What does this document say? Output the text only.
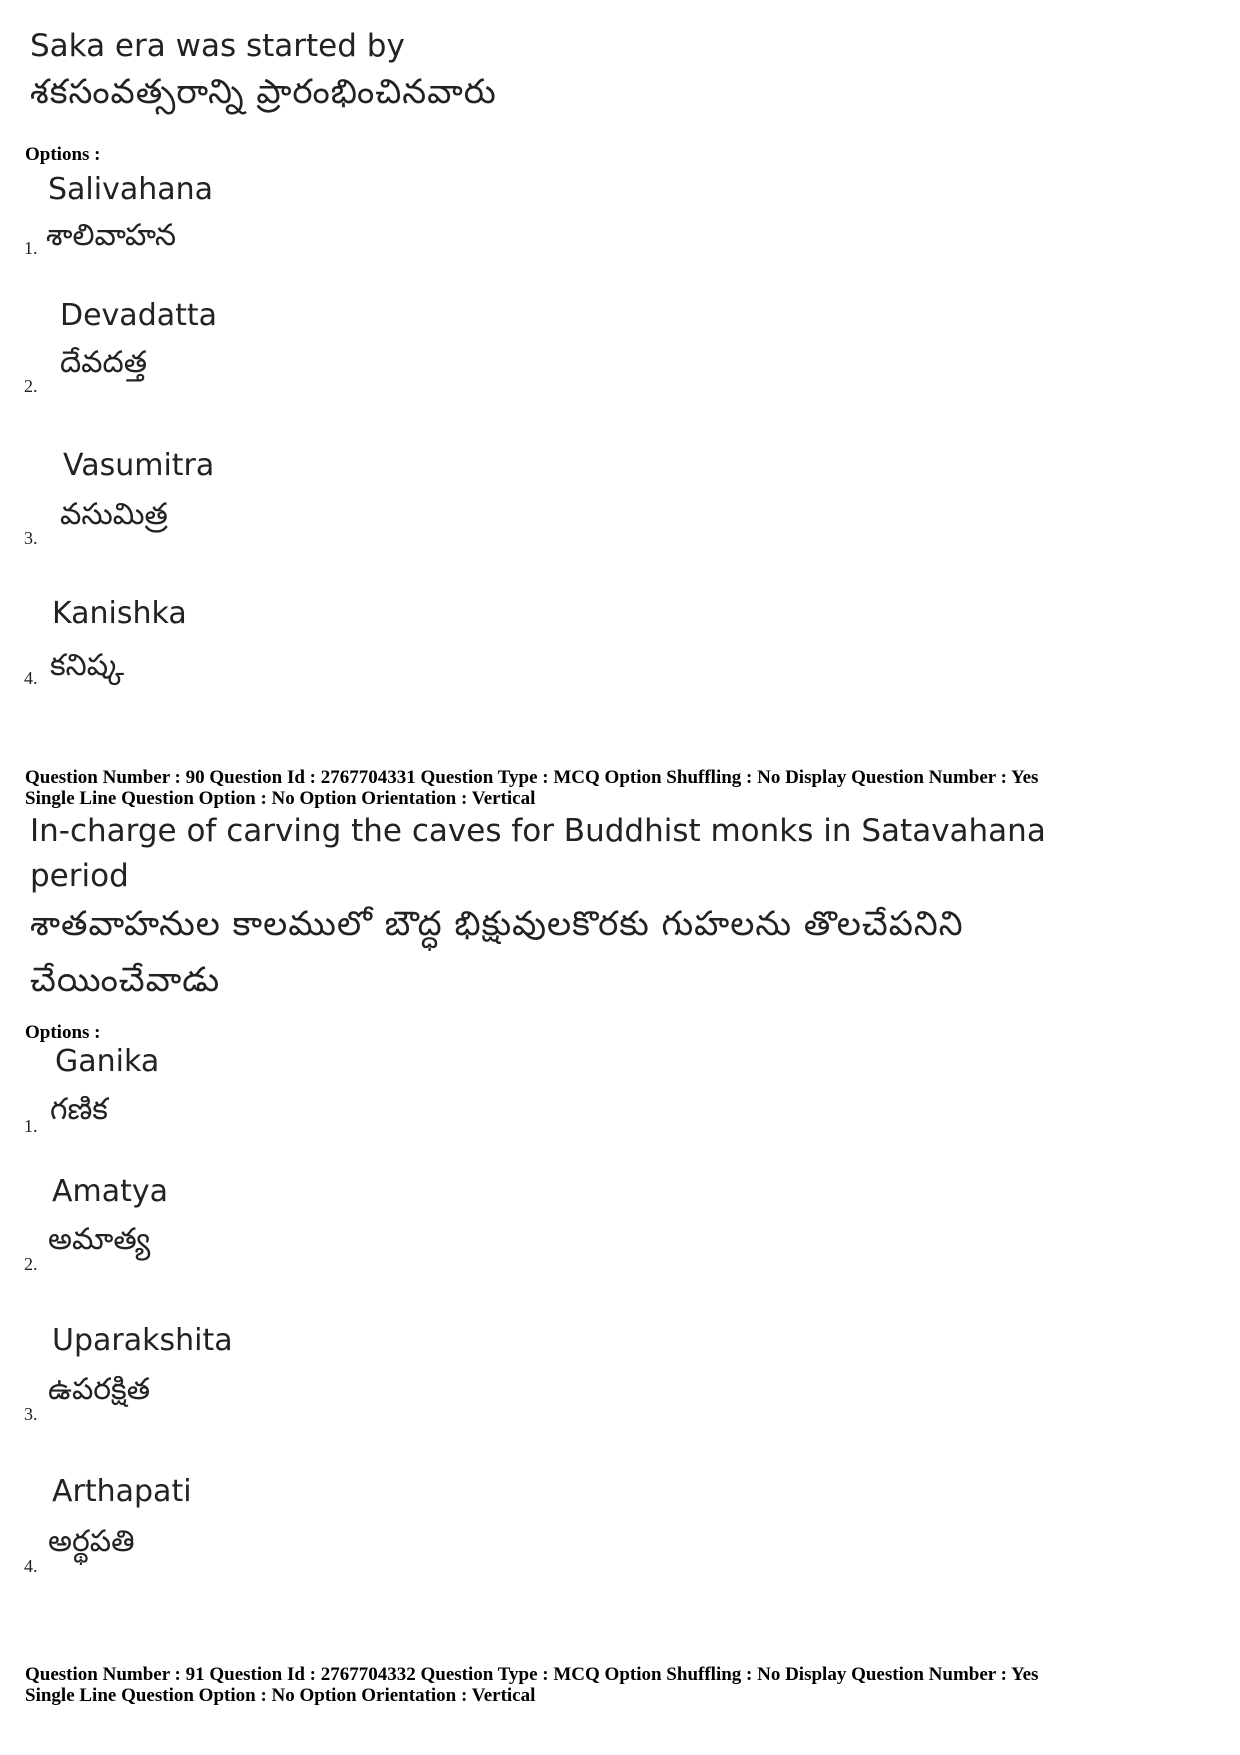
Saka era was started by
శకసంవత్సరాన్ని ప్రారంభించినవారు
Options :
Salivahana
1. శాలివాహన
Devadatta
2.
దేవదత్త
Vasumitra
3.
వసుమిత్ర
Kanishka
4. కనిష్క
Question Number : 90 Question Id : 2767704331 Question Type : MCQ Option Shuffling : No Display Question Number : Yes
Single Line Question Option : No Option Orientation : Vertical
In-charge of carving the caves for Buddhist monks in Satavahana
period
శాతవాహనుల కాలములో బౌద్ధ భిక్షువులకొరకు గుహలను తొలచేపనిని
చేయించేవాడు
Options :
Ganika
1. గణిక
Amatya
2.
అమాత్య
Uparakshita
3.
ఉపరక్షిత
Arthapati
4.
అర్థపతి
Question Number : 91 Question Id : 2767704332 Question Type : MCQ Option Shuffling : No Display Question Number : Yes
Single Line Question Option : No Option Orientation : Vertical
